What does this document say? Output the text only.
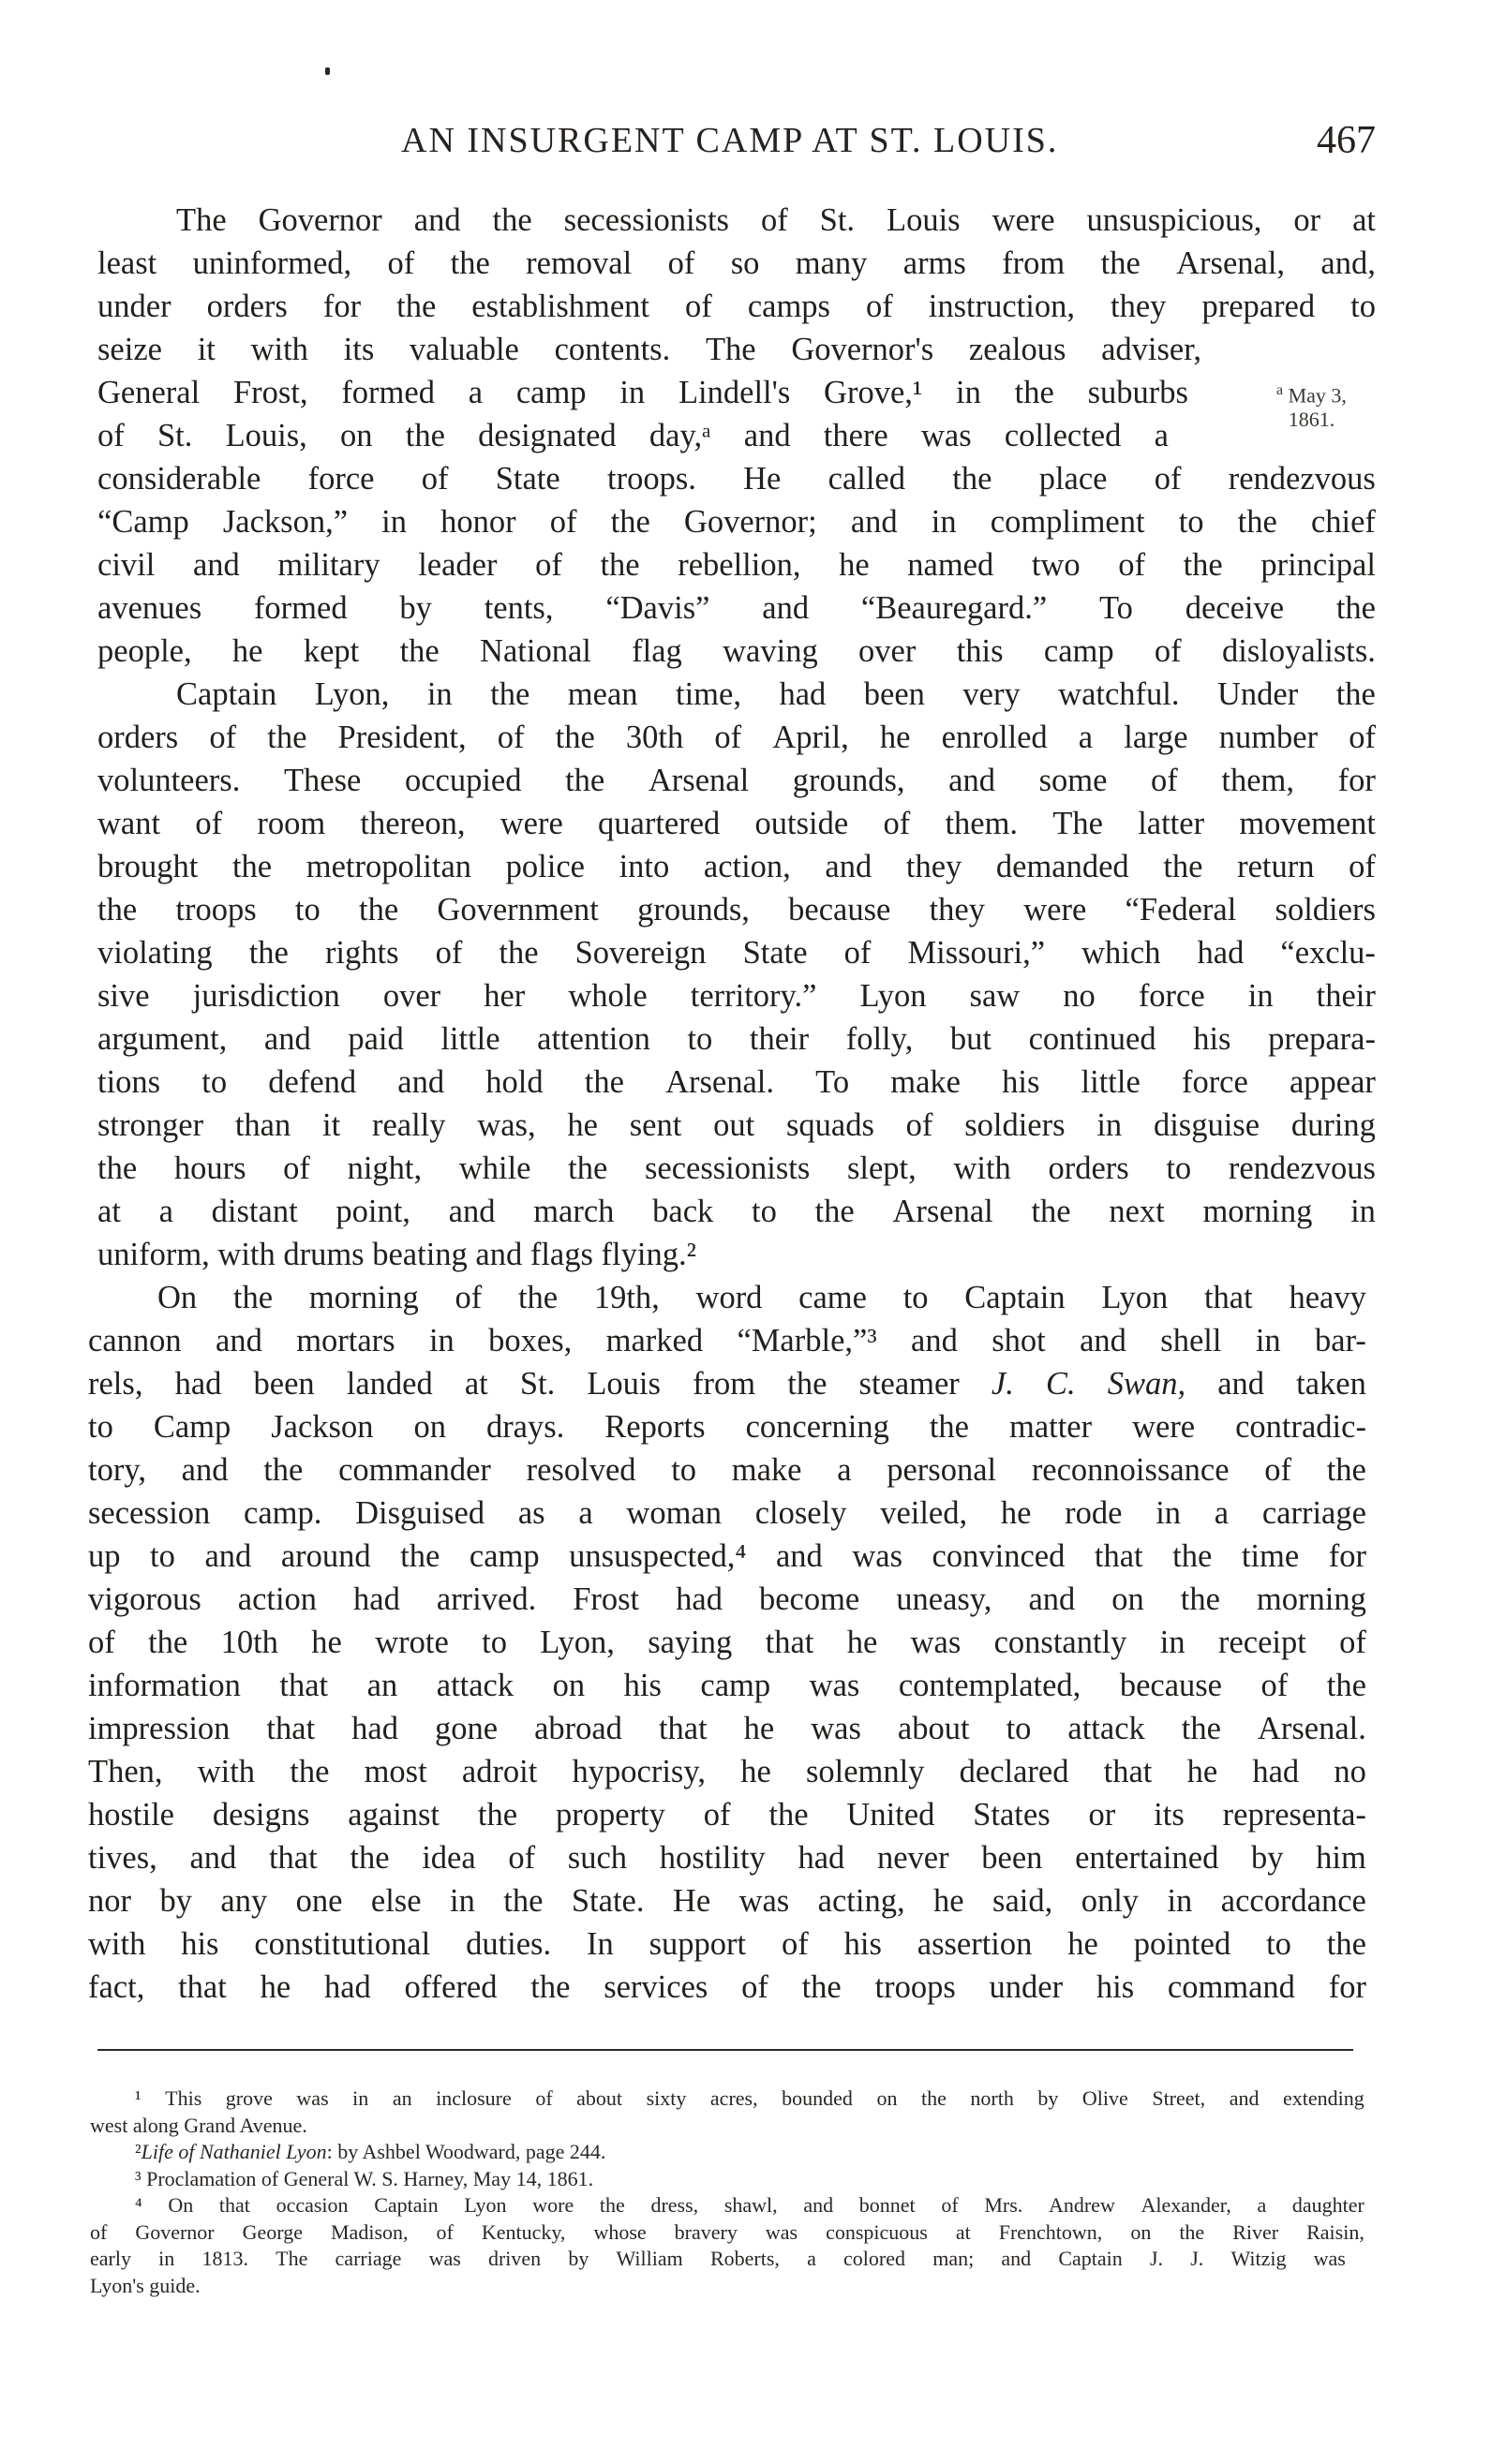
AN INSURGENT CAMP AT ST. LOUIS.	467
$^a$ May 3,
1861.
The Governor and the secessionists of St. Louis were unsuspicious, or at
least uninformed, of the removal of so many arms from the Arsenal, and,
under orders for the establishment of camps of instruction, they prepared to
seize it with its valuable contents. The Governor's zealous adviser,
General Frost, formed a camp in Lindell's Grove,¹ in the suburbs
of St. Louis, on the designated day,ᵃ and there was collected a
considerable force of State troops. He called the place of rendezvous
“Camp Jackson,” in honor of the Governor; and in compliment to the chief
civil and military leader of the rebellion, he named two of the principal
avenues formed by tents, “Davis” and “Beauregard.” To deceive the
people, he kept the National flag waving over this camp of disloyalists.
Captain Lyon, in the mean time, had been very watchful. Under the
orders of the President, of the 30th of April, he enrolled a large number of
volunteers. These occupied the Arsenal grounds, and some of them, for
want of room thereon, were quartered outside of them. The latter movement
brought the metropolitan police into action, and they demanded the return of
the troops to the Government grounds, because they were “Federal soldiers
violating the rights of the Sovereign State of Missouri,” which had “exclu-
sive jurisdiction over her whole territory.” Lyon saw no force in their
argument, and paid little attention to their folly, but continued his prepara-
tions to defend and hold the Arsenal. To make his little force appear
stronger than it really was, he sent out squads of soldiers in disguise during
the hours of night, while the secessionists slept, with orders to rendezvous
at a distant point, and march back to the Arsenal the next morning in
uniform, with drums beating and flags flying.²
On the morning of the 19th, word came to Captain Lyon that heavy
cannon and mortars in boxes, marked “Marble,”³ and shot and shell in bar-
rels, had been landed at St. Louis from the steamer J. C. Swan, and taken
to Camp Jackson on drays. Reports concerning the matter were contradic-
tory, and the commander resolved to make a personal reconnoissance of the
secession camp. Disguised as a woman closely veiled, he rode in a carriage
up to and around the camp unsuspected,⁴ and was convinced that the time for
vigorous action had arrived. Frost had become uneasy, and on the morning
of the 10th he wrote to Lyon, saying that he was constantly in receipt of
information that an attack on his camp was contemplated, because of the
impression that had gone abroad that he was about to attack the Arsenal.
Then, with the most adroit hypocrisy, he solemnly declared that he had no
hostile designs against the property of the United States or its representa-
tives, and that the idea of such hostility had never been entertained by him
nor by any one else in the State. He was acting, he said, only in accordance
with his constitutional duties. In support of his assertion he pointed to the
fact, that he had offered the services of the troops under his command for
¹ This grove was in an inclosure of about sixty acres, bounded on the north by Olive Street, and extending
west along Grand Avenue.
² Life of Nathaniel Lyon : by Ashbel Woodward, page 244.
³ Proclamation of General W. S. Harney, May 14, 1861.
⁴ On that occasion Captain Lyon wore the dress, shawl, and bonnet of Mrs. Andrew Alexander, a daughter
of Governor George Madison, of Kentucky, whose bravery was conspicuous at Frenchtown, on the River Raisin,
early in 1813. The carriage was driven by William Roberts, a colored man; and Captain J. J. Witzig was
Lyon's guide.
